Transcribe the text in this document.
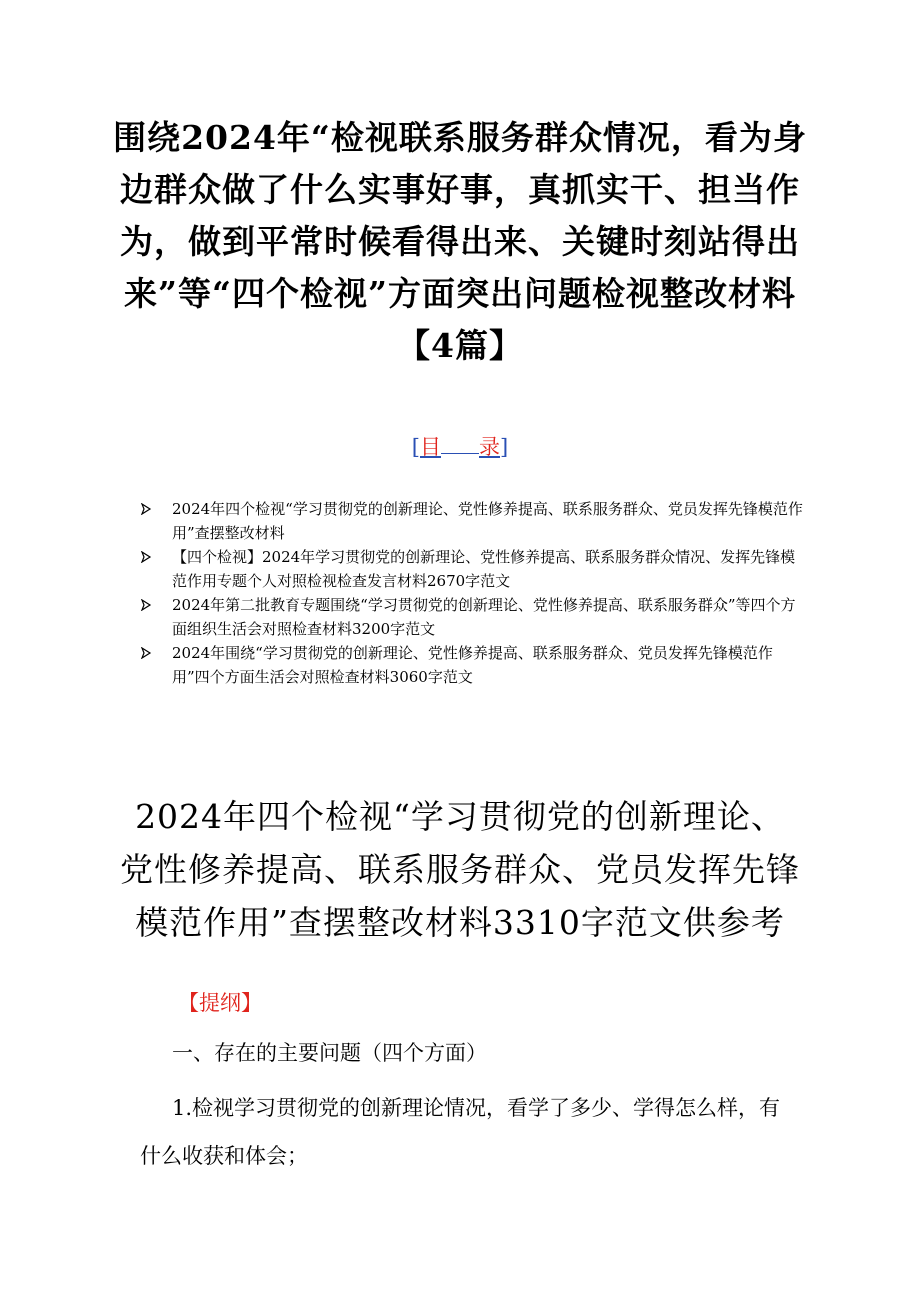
围绕2024年“检视联系服务群众情况，看为身边群众做了什么实事好事，真抓实干、担当作为，做到平常时候看得出来、关键时刻站得出来”等“四个检视”方面突出问题检视整改材料【4篇】
[目 录]
2024年四个检视“学习贯彻党的创新理论、党性修养提高、联系服务群众、党员发挥先锋模范作用”查摆整改材料
【四个检视】2024年学习贯彻党的创新理论、党性修养提高、联系服务群众情况、发挥先锋模范作用专题个人对照检视检查发言材料2670字范文
2024年第二批教育专题围绕“学习贯彻党的创新理论、党性修养提高、联系服务群众”等四个方面组织生活会对照检查材料3200字范文
2024年围绕“学习贯彻党的创新理论、党性修养提高、联系服务群众、党员发挥先锋模范作用”四个方面生活会对照检查材料3060字范文
2024年四个检视“学习贯彻党的创新理论、党性修养提高、联系服务群众、党员发挥先锋模范作用”查摆整改材料3310字范文供参考
【提纲】
一、存在的主要问题（四个方面）
1.检视学习贯彻党的创新理论情况，看学了多少、学得怎么样，有什么收获和体会；
